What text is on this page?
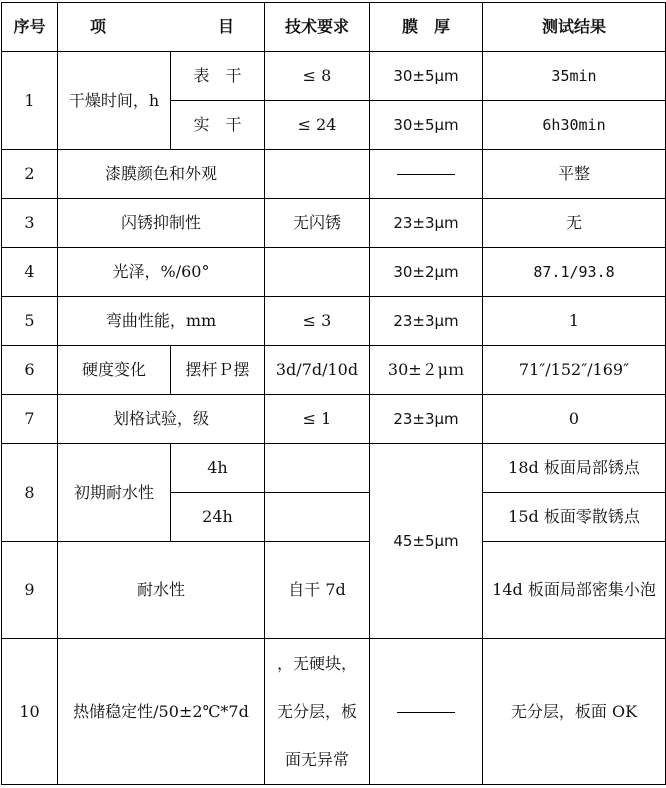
序号	项 目		技术要求	膜　厚	测试结果
1	干燥时间，h	表　干	≤ 8	30±5μm	35min
		实　干	≤ 24	30±5μm	6h30min
2	漆膜颜色和外观				平整
3	闪锈抑制性		无闪锈	23±3μm	无
4	光泽，%/60°			30±2μm	87.1/93.8
5	弯曲性能，mm		≤ 3	23±3μm	1
6	硬度变化	摆杆Ｐ摆	3d/7d/10d	30±２μｍ	71″/152″/169″
7	划格试验，级		≤ 1	23±3μm	0
8	初期耐水性	4h		45±5μm	18d 板面局部锈点
		24h			15d 板面零散锈点
9	耐水性		自干 7d		14d 板面局部密集小泡
10	热储稳定性/50±2℃*7d		，无硬块，无分层，板面无异常		无分层，板面 OK
